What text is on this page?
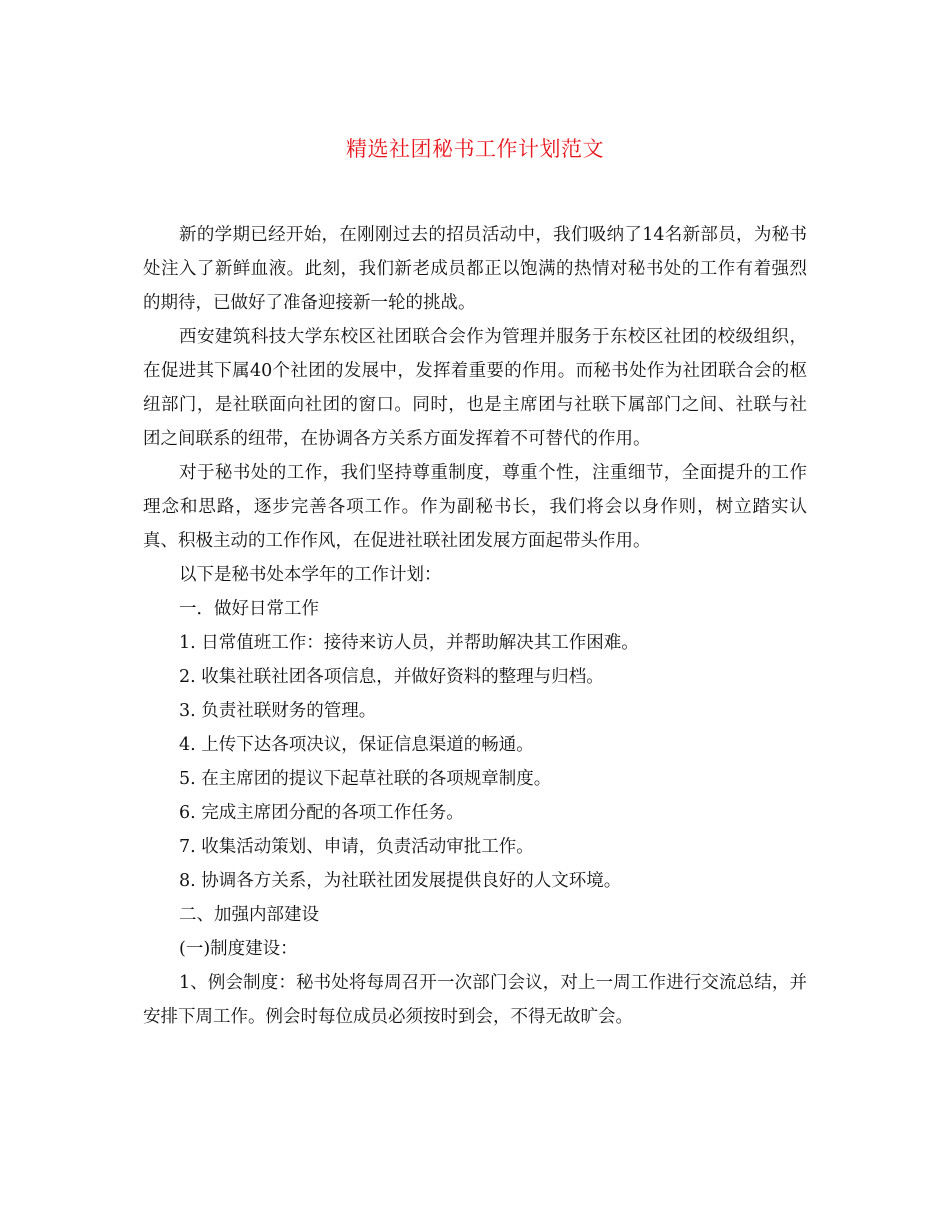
精选社团秘书工作计划范文

新的学期已经开始，在刚刚过去的招员活动中，我们吸纳了14名新部员，为秘书处注入了新鲜血液。此刻，我们新老成员都正以饱满的热情对秘书处的工作有着强烈的期待，已做好了准备迎接新一轮的挑战。

西安建筑科技大学东校区社团联合会作为管理并服务于东校区社团的校级组织，在促进其下属40个社团的发展中，发挥着重要的作用。而秘书处作为社团联合会的枢纽部门，是社联面向社团的窗口。同时，也是主席团与社联下属部门之间、社联与社团之间联系的纽带，在协调各方关系方面发挥着不可替代的作用。

对于秘书处的工作，我们坚持尊重制度，尊重个性，注重细节，全面提升的工作理念和思路，逐步完善各项工作。作为副秘书长，我们将会以身作则，树立踏实认真、积极主动的工作作风，在促进社联社团发展方面起带头作用。

以下是秘书处本学年的工作计划：

一．做好日常工作

1. 日常值班工作：接待来访人员，并帮助解决其工作困难。

2. 收集社联社团各项信息，并做好资料的整理与归档。

3. 负责社联财务的管理。

4. 上传下达各项决议，保证信息渠道的畅通。

5. 在主席团的提议下起草社联的各项规章制度。

6. 完成主席团分配的各项工作任务。

7. 收集活动策划、申请，负责活动审批工作。

8. 协调各方关系，为社联社团发展提供良好的人文环境。

二、加强内部建设

(一)制度建设：

1、例会制度：秘书处将每周召开一次部门会议，对上一周工作进行交流总结，并安排下周工作。例会时每位成员必须按时到会，不得无故旷会。
